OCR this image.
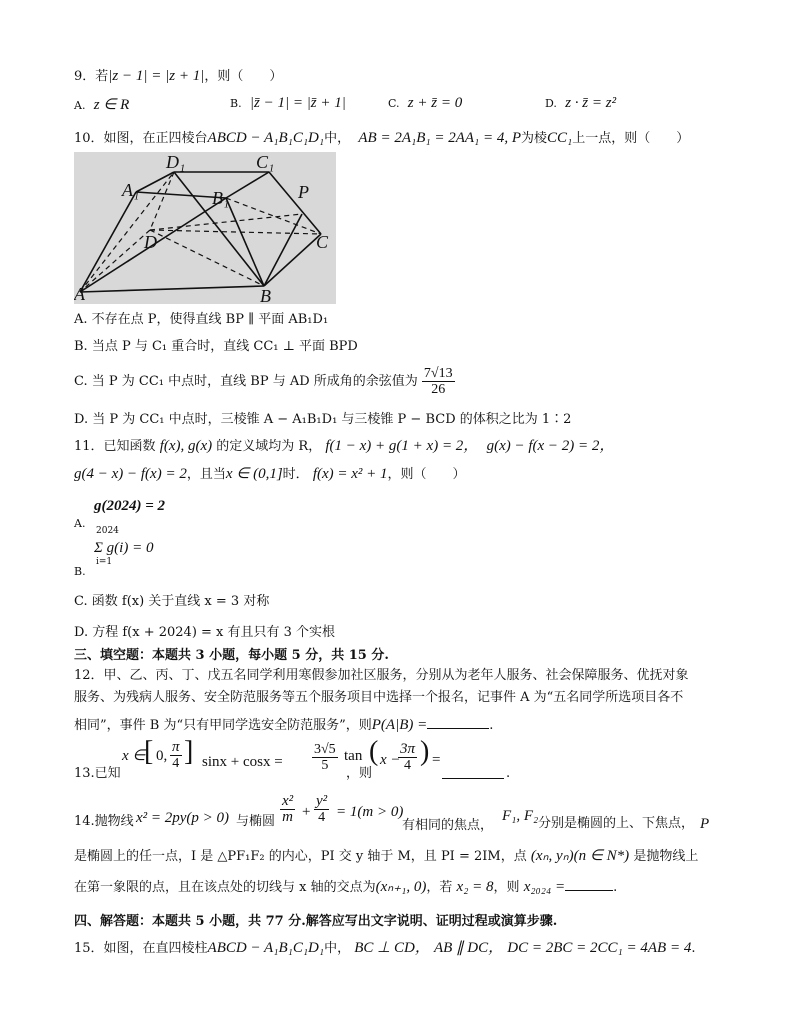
9．若|z − 1| = |z + 1|，则（　　）
A. z ∈ R	B. |z̄ − 1| = |z̄ + 1|	C. z + z̄ = 0	D. z · z̄ = z²
10．如图，在正四棱台ABCD − A₁B₁C₁D₁中， AB = 2A₁B₁ = 2AA₁ = 4, P为棱CC₁上一点，则（　　）
D₁	C₁
A₁	B₁	P
D	C
A	B
A. 不存在点 P，使得直线 BP ∥ 平面 AB₁D₁
B. 当点 P 与 C₁ 重合时，直线 CC₁ ⊥ 平面 BPD
C. 当 P 为 CC₁ 中点时，直线 BP 与 AD 所成角的余弦值为 $\frac{7√13}{26}$
D. 当 P 为 CC₁ 中点时，三棱锥 A − A₁B₁D₁ 与三棱锥 P − BCD 的体积之比为 1∶2
11．已知函数 f(x), g(x) 的定义域均为 R， f(1 − x) + g(1 + x) = 2， g(x) − f(x − 2) = 2，
g(4 − x) − f(x) = 2，且当x ∈ (0,1]时． f(x) = x² + 1，则（　　）
g(2024) = 2
A.
2024
Σ g(i) = 0
i=1
B.
C. 函数 f(x) 关于直线 x = 3 对称
D. 方程 f(x + 2024) = x 有且只有 3 个实根
三、填空题：本题共 3 小题，每小题 5 分，共 15 分.
12．甲、乙、丙、丁、戊五名同学利用寒假参加社区服务，分别从为老年人服务、社会保障服务、优抚对象
服务、为残病人服务、安全防范服务等五个服务项目中选择一个报名，记事件 A 为“五名同学所选项目各不
相同”，事件 B 为“只有甲同学选安全防范服务”，则P(A|B) =	.
13.已知
x ∈
[ 0, $\frac{\pi}{4}$ ] $\sin x + \cos x = \frac{3√5}{5}$
，则
tan ( x −
$\frac{3\pi}{4}$ ) =
.
14.抛物线 x² = 2py(p > 0) 与椭圆 $\frac{\text{x²}}{m} + \frac{\text{y²}}{4} = 1(m > 0)$
有相同的焦点，
F₁, F₂ 分别是椭圆的上、下焦点， P
是椭圆上的任一点，I 是 △PF₁F₂ 的内心，PI 交 y 轴于 M，且 PI = 2IM，点 (xₙ, yₙ)(n ∈ N*) 是抛物线上
在第一象限的点，且在该点处的切线与 x 轴的交点为(xₙ₊₁, 0)，若 x₂ = 8，则 x₂₀₂₄ =	.
四、解答题：本题共 5 小题，共 77 分.解答应写出文字说明、证明过程或演算步骤.
15．如图，在直四棱柱ABCD − A₁B₁C₁D₁中， BC ⊥ CD， AB ∥ DC， DC = 2BC = 2CC₁ = 4AB = 4.
